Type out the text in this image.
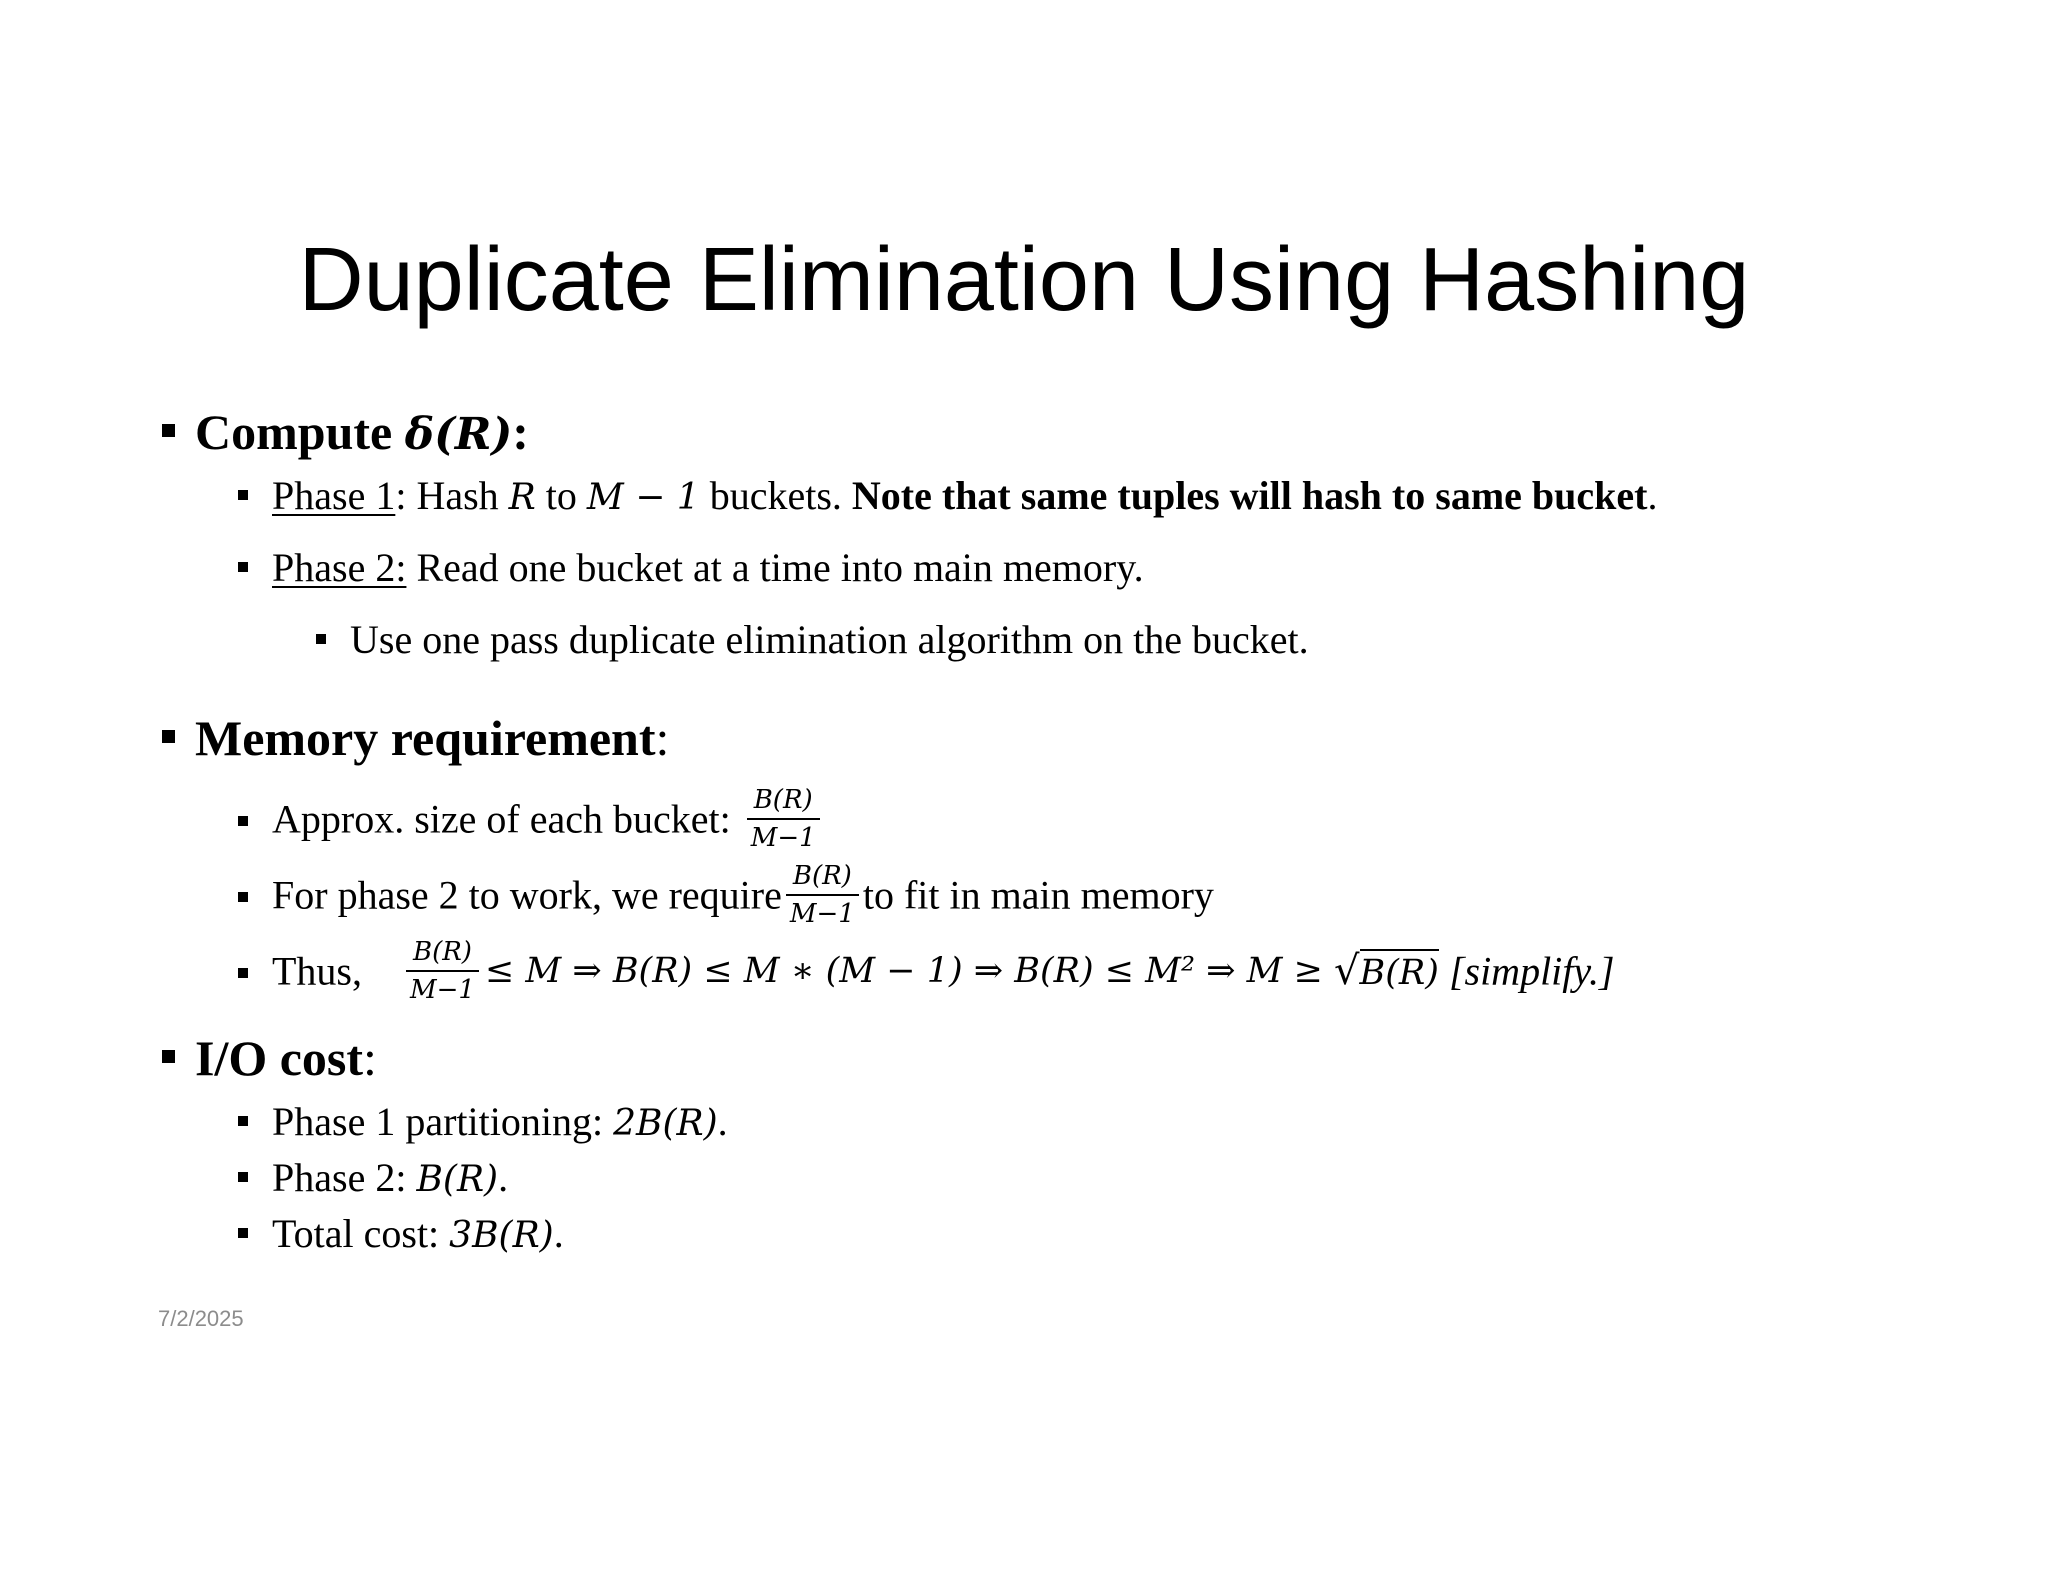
Duplicate Elimination Using Hashing
Compute δ(R):
Phase 1: Hash R to M − 1 buckets. Note that same tuples will hash to same bucket.
Phase 2: Read one bucket at a time into main memory.
Use one pass duplicate elimination algorithm on the bucket.
Memory requirement:
Approx. size of each bucket: $\frac{B(R)}{M-1}$
For phase 2 to work, we require $\frac{B(R)}{M-1}$ to fit in main memory
Thus, $\frac{B(R)}{M-1} \le M$ ⇒ B(R) ≤ M ∗ (M − 1) ⇒ B(R) ≤ M² ⇒ M ≥ √B(R) [simplify.]
I/O cost:
Phase 1 partitioning: 2B(R).
Phase 2: B(R).
Total cost: 3B(R).
7/2/2025
